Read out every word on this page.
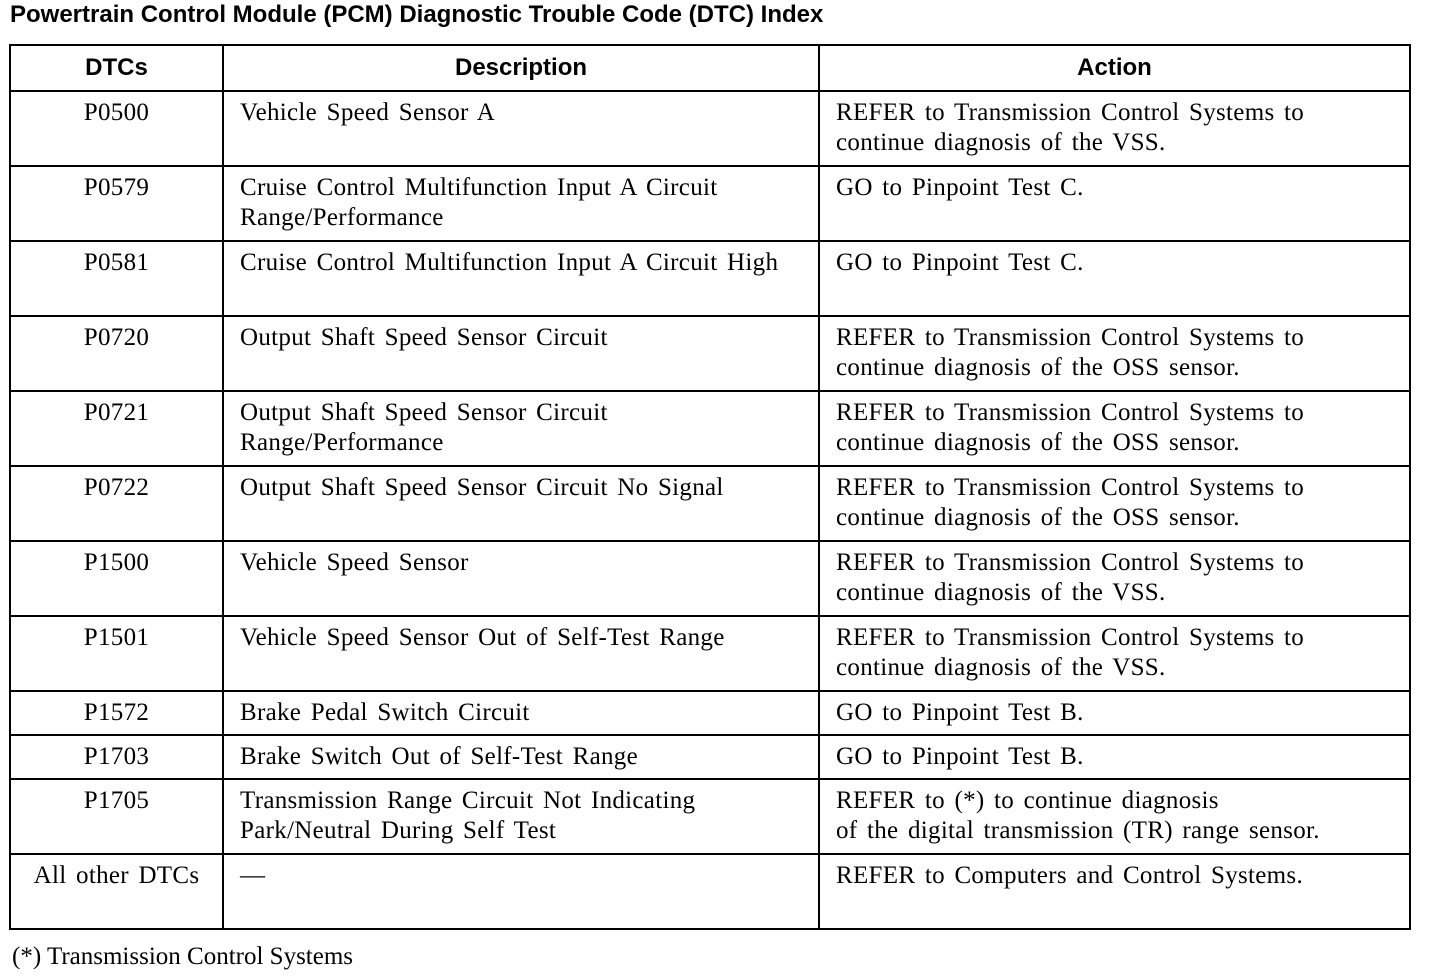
Powertrain Control Module (PCM) Diagnostic Trouble Code (DTC) Index
DTCs	Description	Action

P0500	Vehicle Speed Sensor A	REFER to Transmission Control Systems to continue diagnosis of the VSS.

P0579	Cruise Control Multifunction Input A Circuit Range/Performance	GO to Pinpoint Test C.

P0581	Cruise Control Multifunction Input A Circuit High	GO to Pinpoint Test C.

P0720	Output Shaft Speed Sensor Circuit	REFER to Transmission Control Systems to continue diagnosis of the OSS sensor.

P0721	Output Shaft Speed Sensor Circuit Range/Performance	REFER to Transmission Control Systems to continue diagnosis of the OSS sensor.

P0722	Output Shaft Speed Sensor Circuit No Signal	REFER to Transmission Control Systems to continue diagnosis of the OSS sensor.

P1500	Vehicle Speed Sensor	REFER to Transmission Control Systems to continue diagnosis of the VSS.

P1501	Vehicle Speed Sensor Out of Self-Test Range	REFER to Transmission Control Systems to continue diagnosis of the VSS.

P1572	Brake Pedal Switch Circuit	GO to Pinpoint Test B.

P1703	Brake Switch Out of Self-Test Range	GO to Pinpoint Test B.

P1705	Transmission Range Circuit Not Indicating Park/Neutral During Self Test	REFER to (*) to continue diagnosis
of the digital transmission (TR) range sensor.

All other DTCs	—	REFER to Computers and Control Systems.
(*) Transmission Control Systems
